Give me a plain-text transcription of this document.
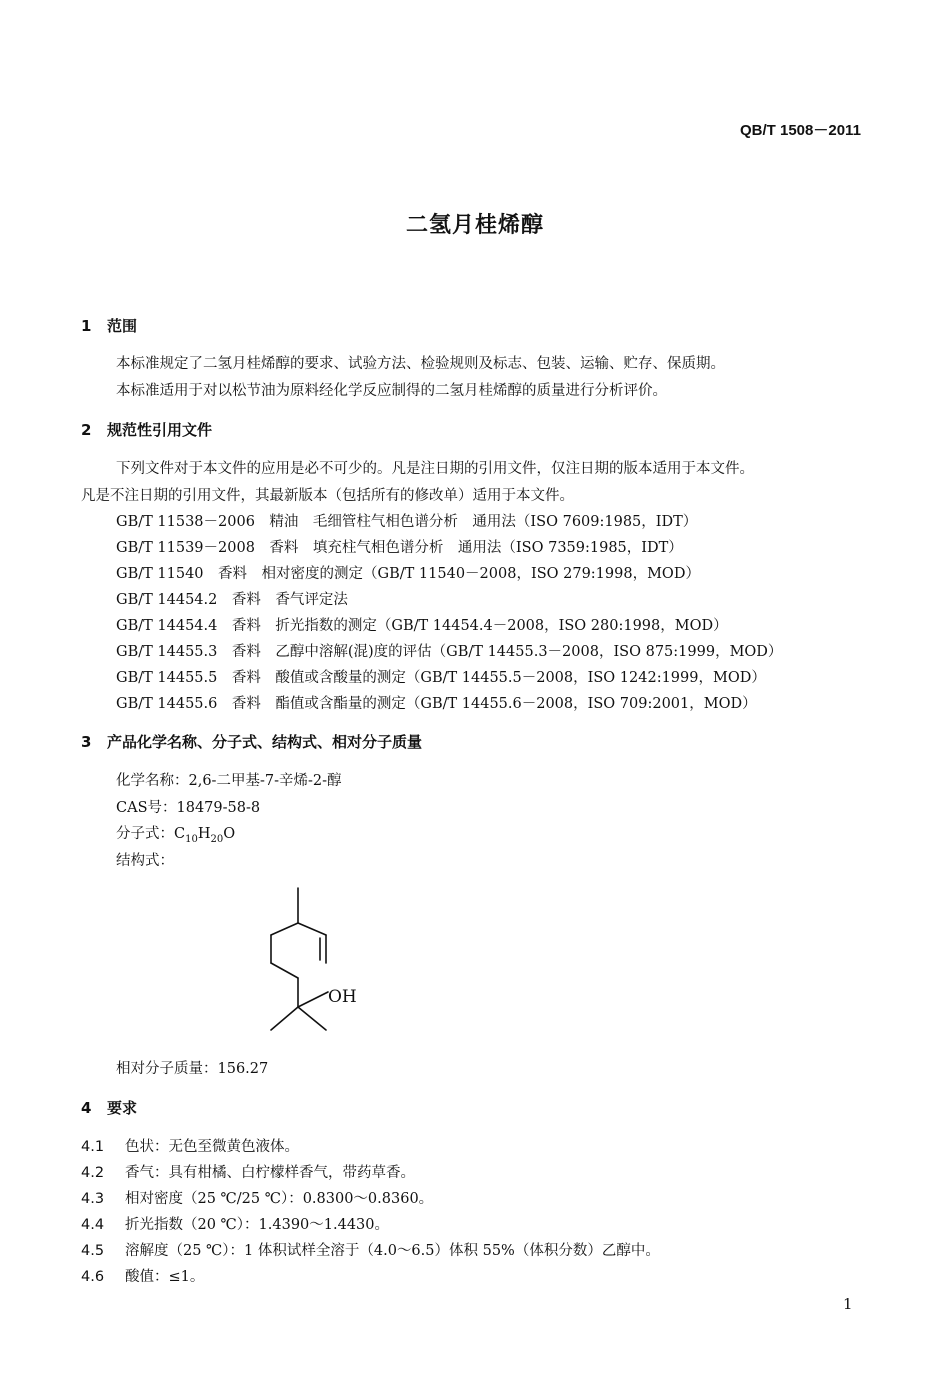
QB/T 1508－2011
二氢月桂烯醇
1 范围
本标准规定了二氢月桂烯醇的要求、试验方法、检验规则及标志、包装、运输、贮存、保质期。
本标准适用于对以松节油为原料经化学反应制得的二氢月桂烯醇的质量进行分析评价。
2 规范性引用文件
下列文件对于本文件的应用是必不可少的。凡是注日期的引用文件，仅注日期的版本适用于本文件。
凡是不注日期的引用文件，其最新版本（包括所有的修改单）适用于本文件。
GB/T 11538－2006　精油　毛细管柱气相色谱分析　通用法（ISO 7609:1985，IDT）
GB/T 11539－2008　香料　填充柱气相色谱分析　通用法（ISO 7359:1985，IDT）
GB/T 11540　香料　相对密度的测定（GB/T 11540－2008，ISO 279:1998，MOD）
GB/T 14454.2　香料　香气评定法
GB/T 14454.4　香料　折光指数的测定（GB/T 14454.4－2008，ISO 280:1998，MOD）
GB/T 14455.3　香料　乙醇中溶解(混)度的评估（GB/T 14455.3－2008，ISO 875:1999，MOD）
GB/T 14455.5　香料　酸值或含酸量的测定（GB/T 14455.5－2008，ISO 1242:1999，MOD）
GB/T 14455.6　香料　酯值或含酯量的测定（GB/T 14455.6－2008，ISO 709:2001，MOD）
3 产品化学名称、分子式、结构式、相对分子质量
化学名称：2,6-二甲基-7-辛烯-2-醇
CAS号：18479-58-8
分子式：$C_{10}H_{20}O$
结构式：
OH
相对分子质量：156.27
4 要求
4.1 色状：无色至微黄色液体。
4.2 香气：具有柑橘、白柠檬样香气，带药草香。
4.3 相对密度（25 ℃/25 ℃）：0.8300～0.8360。
4.4 折光指数（20 ℃）：1.4390～1.4430。
4.5 溶解度（25 ℃）：1 体积试样全溶于（4.0～6.5）体积 55%（体积分数）乙醇中。
4.6 酸值：≤1。
1
